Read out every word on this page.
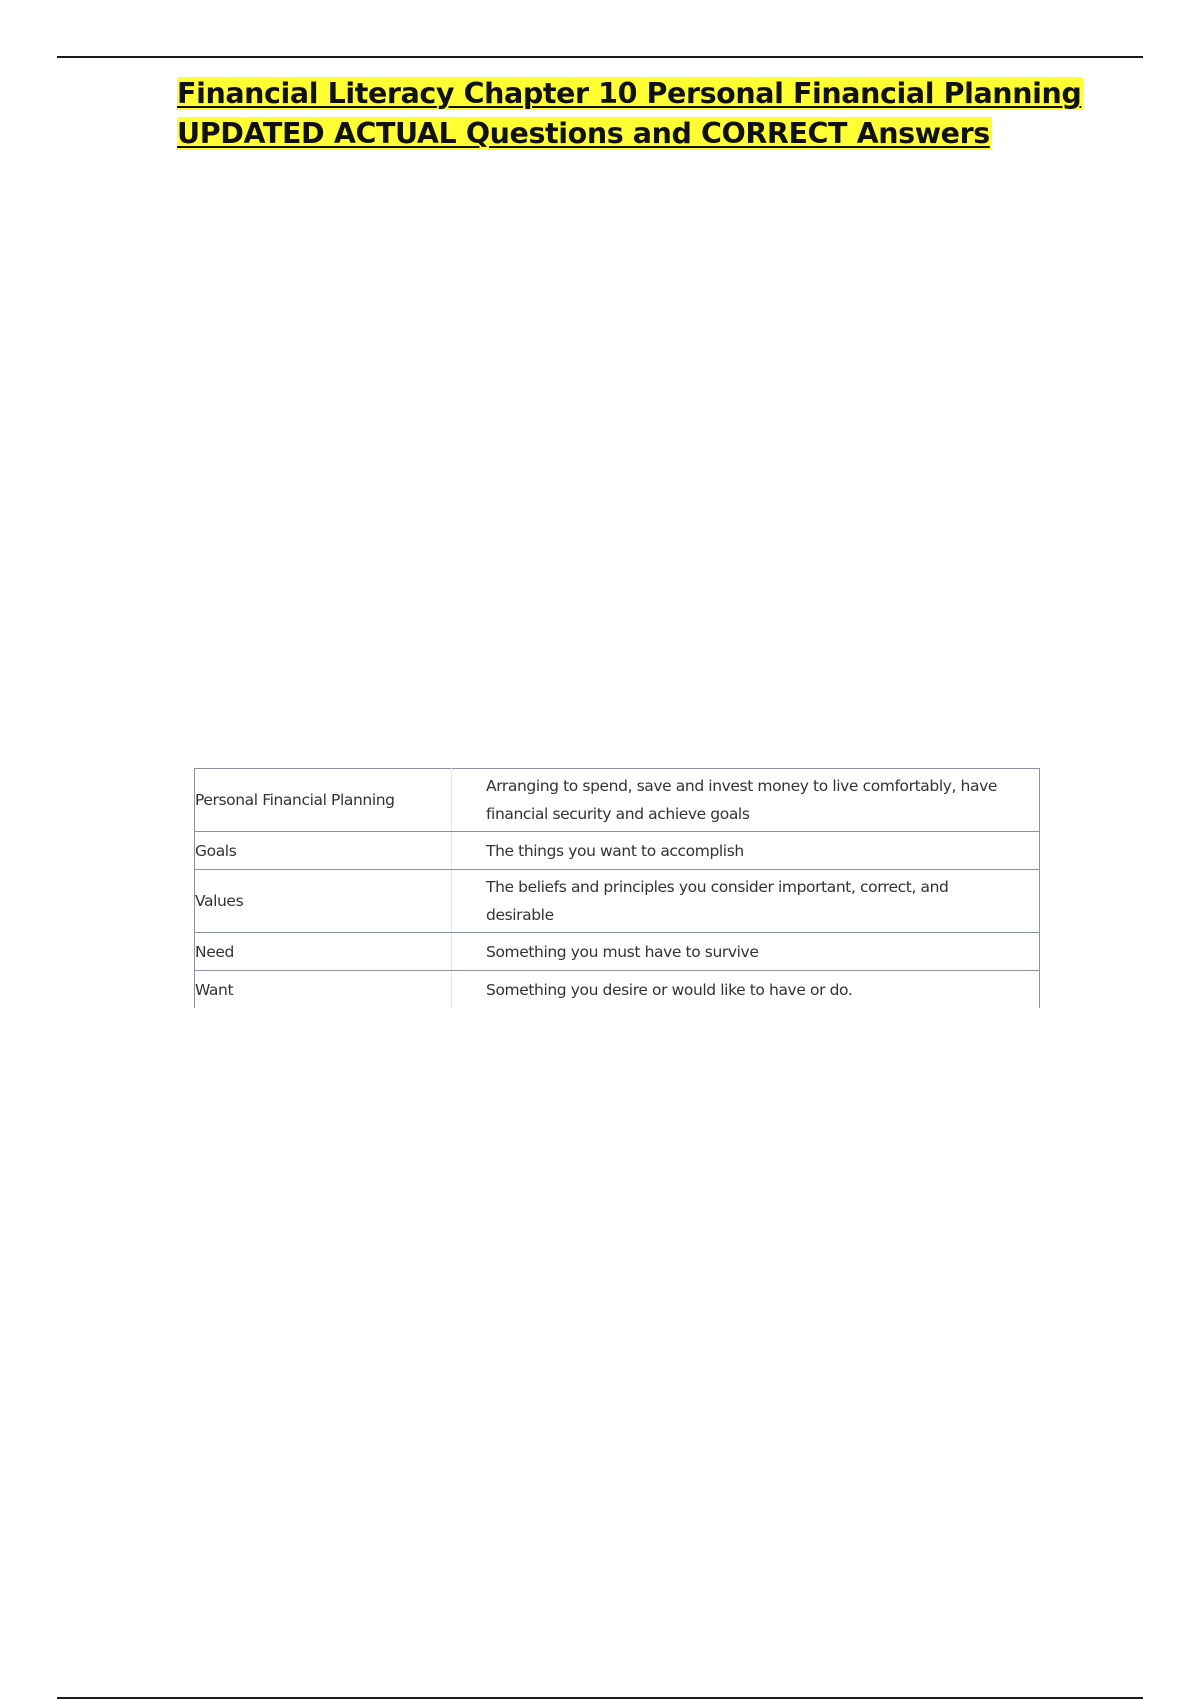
Financial Literacy Chapter 10 Personal Financial Planning
UPDATED ACTUAL Questions and CORRECT Answers
Personal Financial Planning	Arranging to spend, save and invest money to live comfortably, have financial security and achieve goals
Goals	The things you want to accomplish
Values	The beliefs and principles you consider important, correct, and desirable
Need	Something you must have to survive
Want	Something you desire or would like to have or do.
